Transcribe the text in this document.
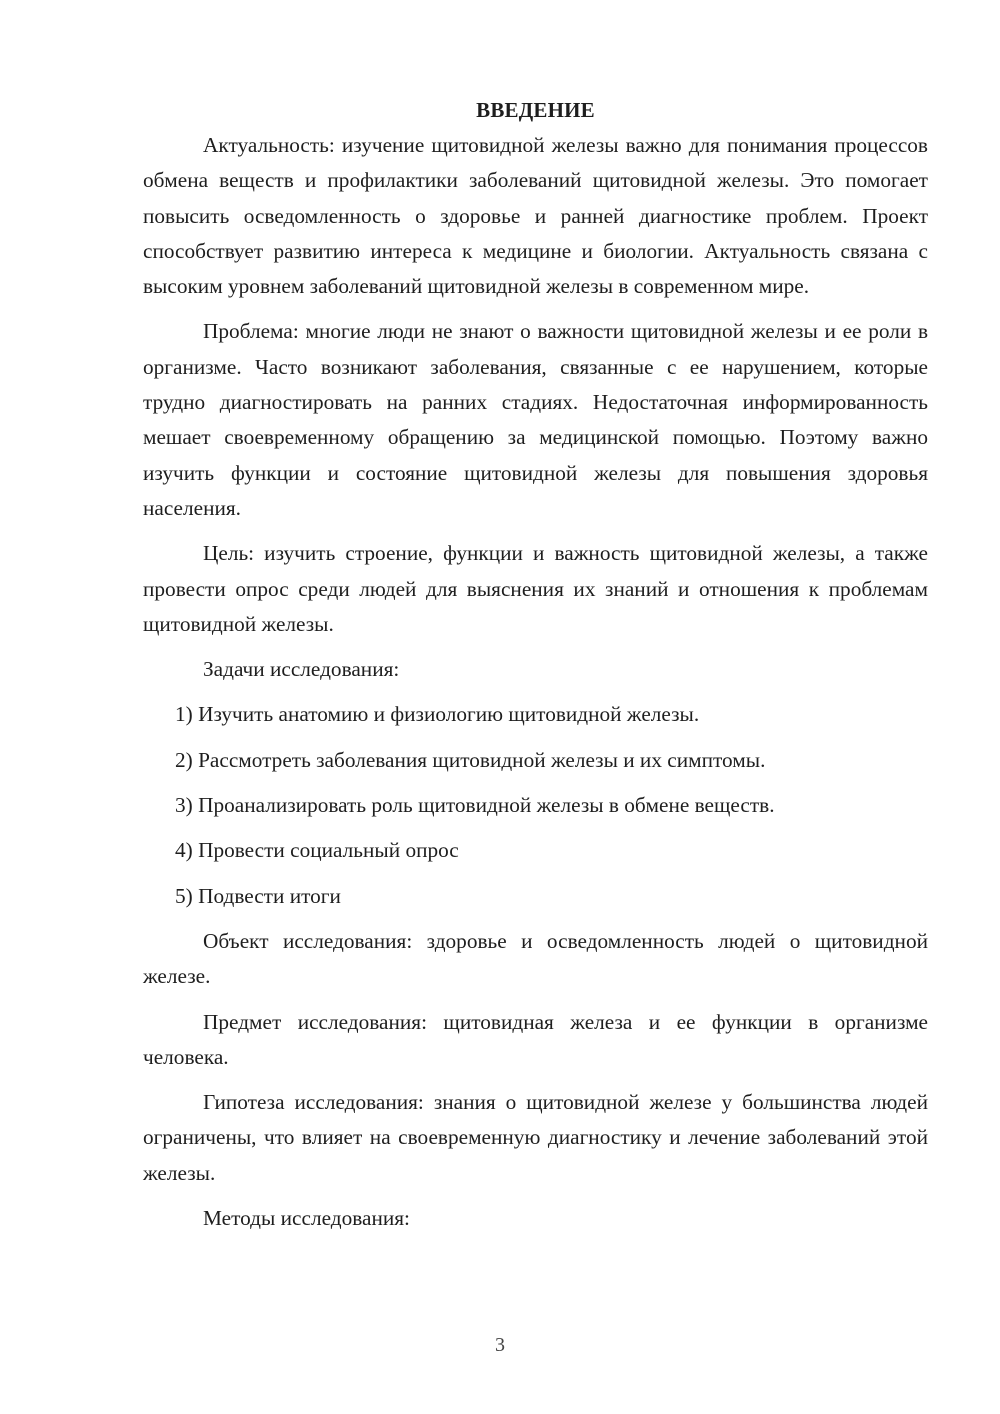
ВВЕДЕНИЕ

Актуальность: изучение щитовидной железы важно для понимания процессов обмена веществ и профилактики заболеваний щитовидной железы. Это помогает повысить осведомленность о здоровье и ранней диагностике проблем. Проект способствует развитию интереса к медицине и биологии. Актуальность связана с высоким уровнем заболеваний щитовидной железы в современном мире.

Проблема: многие люди не знают о важности щитовидной железы и ее роли в организме. Часто возникают заболевания, связанные с ее нарушением, которые трудно диагностировать на ранних стадиях. Недостаточная информированность мешает своевременному обращению за медицинской помощью. Поэтому важно изучить функции и состояние щитовидной железы для повышения здоровья населения.

Цель: изучить строение, функции и важность щитовидной железы, а также провести опрос среди людей для выяснения их знаний и отношения к проблемам щитовидной железы.

Задачи исследования:

1) Изучить анатомию и физиологию щитовидной железы.

2) Рассмотреть заболевания щитовидной железы и их симптомы.

3) Проанализировать роль щитовидной железы в обмене веществ.

4) Провести социальный опрос

5) Подвести итоги

Объект исследования: здоровье и осведомленность людей о щитовидной железе.

Предмет исследования: щитовидная железа и ее функции в организме человека.

Гипотеза исследования: знания о щитовидной железе у большинства людей ограничены, что влияет на своевременную диагностику и лечение заболеваний этой железы.

Методы исследования:

3
